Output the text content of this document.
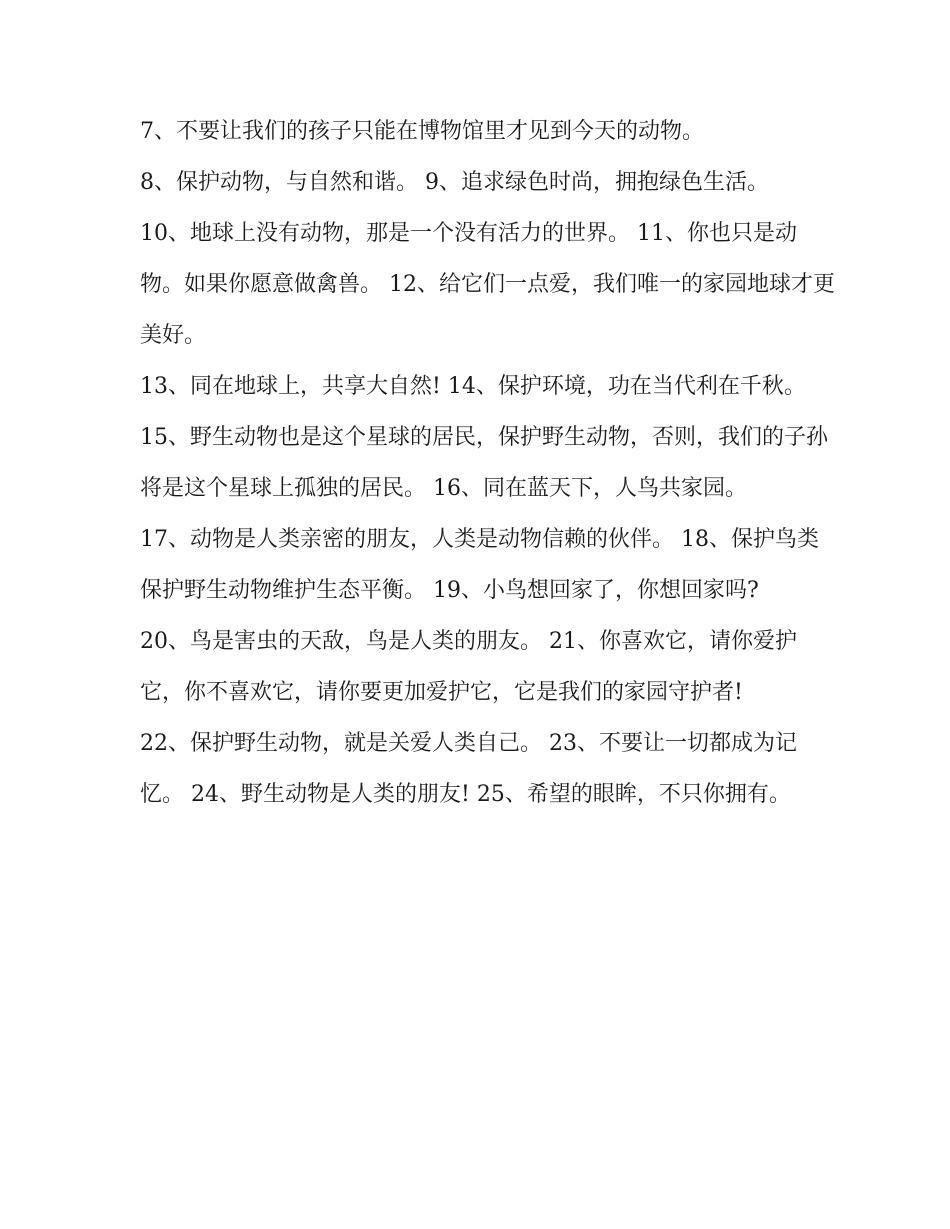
7、不要让我们的孩子只能在博物馆里才见到今天的动物。

8、保护动物，与自然和谐。 9、追求绿色时尚，拥抱绿色生活。

10、地球上没有动物，那是一个没有活力的世界。 11、你也只是动物。如果你愿意做禽兽。 12、给它们一点爱，我们唯一的家园地球才更美好。

13、同在地球上，共享大自然! 14、保护环境，功在当代利在千秋。

15、野生动物也是这个星球的居民，保护野生动物，否则，我们的子孙将是这个星球上孤独的居民。 16、同在蓝天下，人鸟共家园。

17、动物是人类亲密的朋友，人类是动物信赖的伙伴。 18、保护鸟类保护野生动物维护生态平衡。 19、小鸟想回家了，你想回家吗?

20、鸟是害虫的天敌，鸟是人类的朋友。 21、你喜欢它，请你爱护它，你不喜欢它，请你要更加爱护它，它是我们的家园守护者!

22、保护野生动物，就是关爱人类自己。 23、不要让一切都成为记忆。 24、野生动物是人类的朋友! 25、希望的眼眸，不只你拥有。
